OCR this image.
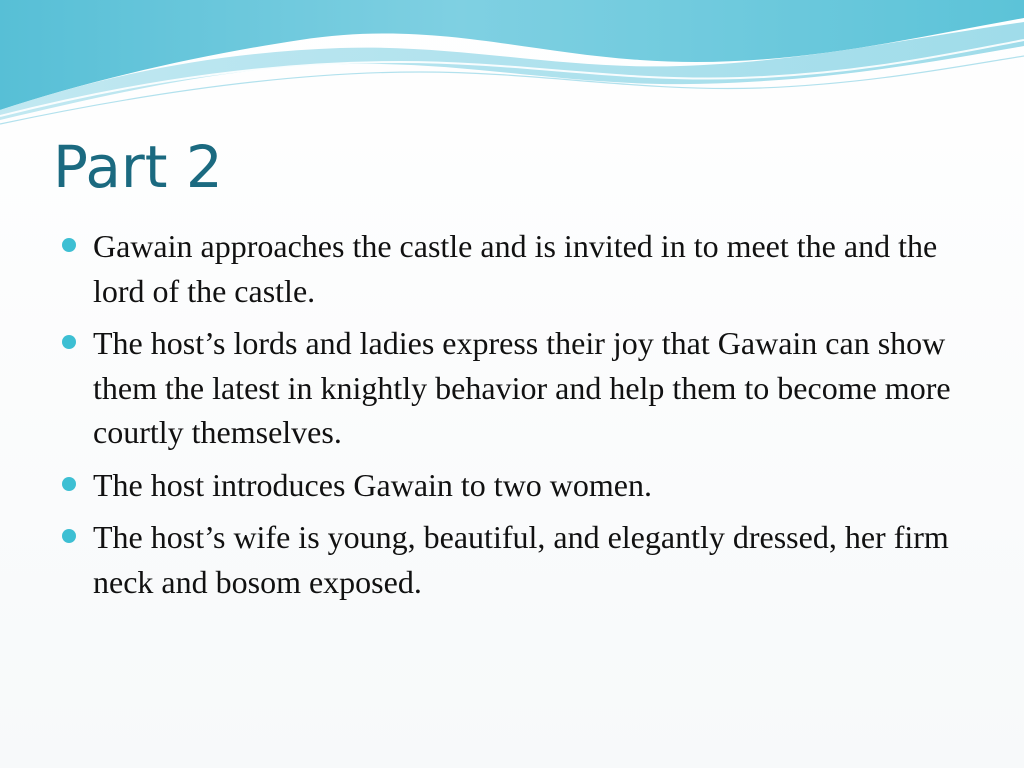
Part 2
Gawain approaches the castle and is invited in to meet the and the lord of the castle.
The host’s lords and ladies express their joy that Gawain can show them the latest in knightly behavior and help them to become more courtly themselves.
The host introduces Gawain to two women.
The host’s wife is young, beautiful, and elegantly dressed, her firm neck and bosom exposed.
